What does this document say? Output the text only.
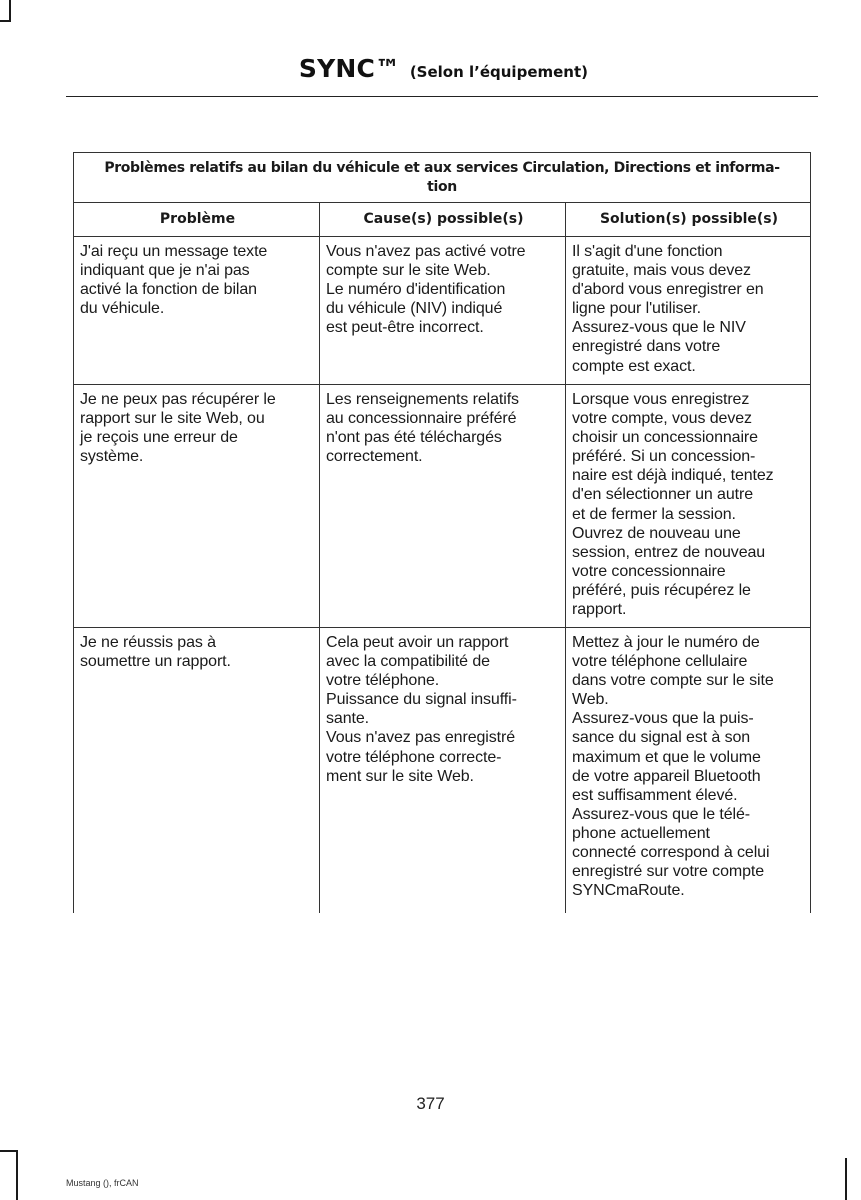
SYNC™ (Selon l’équipement)
Problèmes relatifs au bilan du véhicule et aux services Circulation, Directions et informa-
tion
Problème	Cause(s) possible(s)	Solution(s) possible(s)
J'ai reçu un message texte
indiquant que je n'ai pas
activé la fonction de bilan
du véhicule.
Vous n'avez pas activé votre
compte sur le site Web.
Le numéro d'identification
du véhicule (NIV) indiqué
est peut-être incorrect.
Il s'agit d'une fonction
gratuite, mais vous devez
d'abord vous enregistrer en
ligne pour l'utiliser.
Assurez-vous que le NIV
enregistré dans votre
compte est exact.
Je ne peux pas récupérer le
rapport sur le site Web, ou
je reçois une erreur de
système.
Les renseignements relatifs
au concessionnaire préféré
n'ont pas été téléchargés
correctement.
Lorsque vous enregistrez
votre compte, vous devez
choisir un concessionnaire
préféré. Si un concession-
naire est déjà indiqué, tentez
d'en sélectionner un autre
et de fermer la session.
Ouvrez de nouveau une
session, entrez de nouveau
votre concessionnaire
préféré, puis récupérez le
rapport.
Je ne réussis pas à
soumettre un rapport.
Cela peut avoir un rapport
avec la compatibilité de
votre téléphone.
Puissance du signal insuffi-
sante.
Vous n'avez pas enregistré
votre téléphone correcte-
ment sur le site Web.
Mettez à jour le numéro de
votre téléphone cellulaire
dans votre compte sur le site
Web.
Assurez-vous que la puis-
sance du signal est à son
maximum et que le volume
de votre appareil Bluetooth
est suffisamment élevé.
Assurez-vous que le télé-
phone actuellement
connecté correspond à celui
enregistré sur votre compte
SYNCmaRoute.
377
Mustang (), frCAN
